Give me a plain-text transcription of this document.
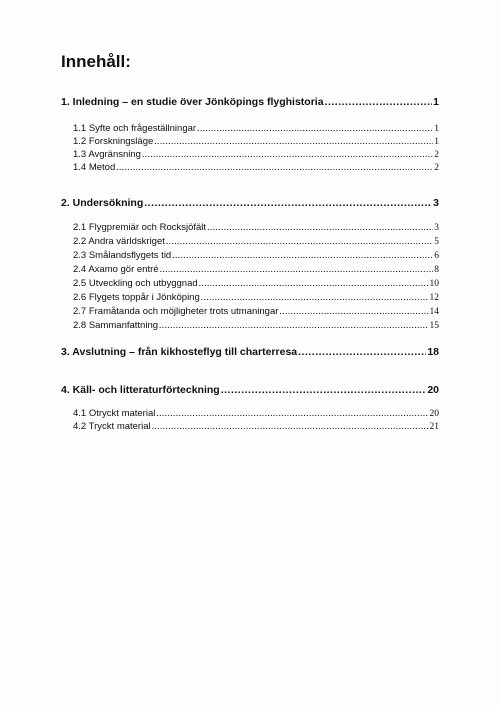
Innehåll:
1. Inledning – en studie över Jönköpings flyghistoria .....	1
1.1 Syfte och frågeställningar .....	1
1.2 Forskningsläge .....	1
1.3 Avgränsning .....	2
1.4 Metod .....	2
2. Undersökning .....	3
2.1 Flygpremiär och Rocksjöfält .....	3
2.2 Andra världskriget .....	5
2.3 Smålandsflygets tid .....	6
2.4 Axamo gör entré .....	8
2.5 Utveckling och utbyggnad .....	10
2.6 Flygets toppår i Jönköping .....	12
2.7 Framåtanda och möjligheter trots utmaningar .....	14
2.8 Sammanfattning .....	15
3. Avslutning – från kikhosteflyg till charterresa .....	18
4. Käll- och litteraturförteckning .....	20
4.1 Otryckt material .....	20
4.2 Tryckt material .....	21
